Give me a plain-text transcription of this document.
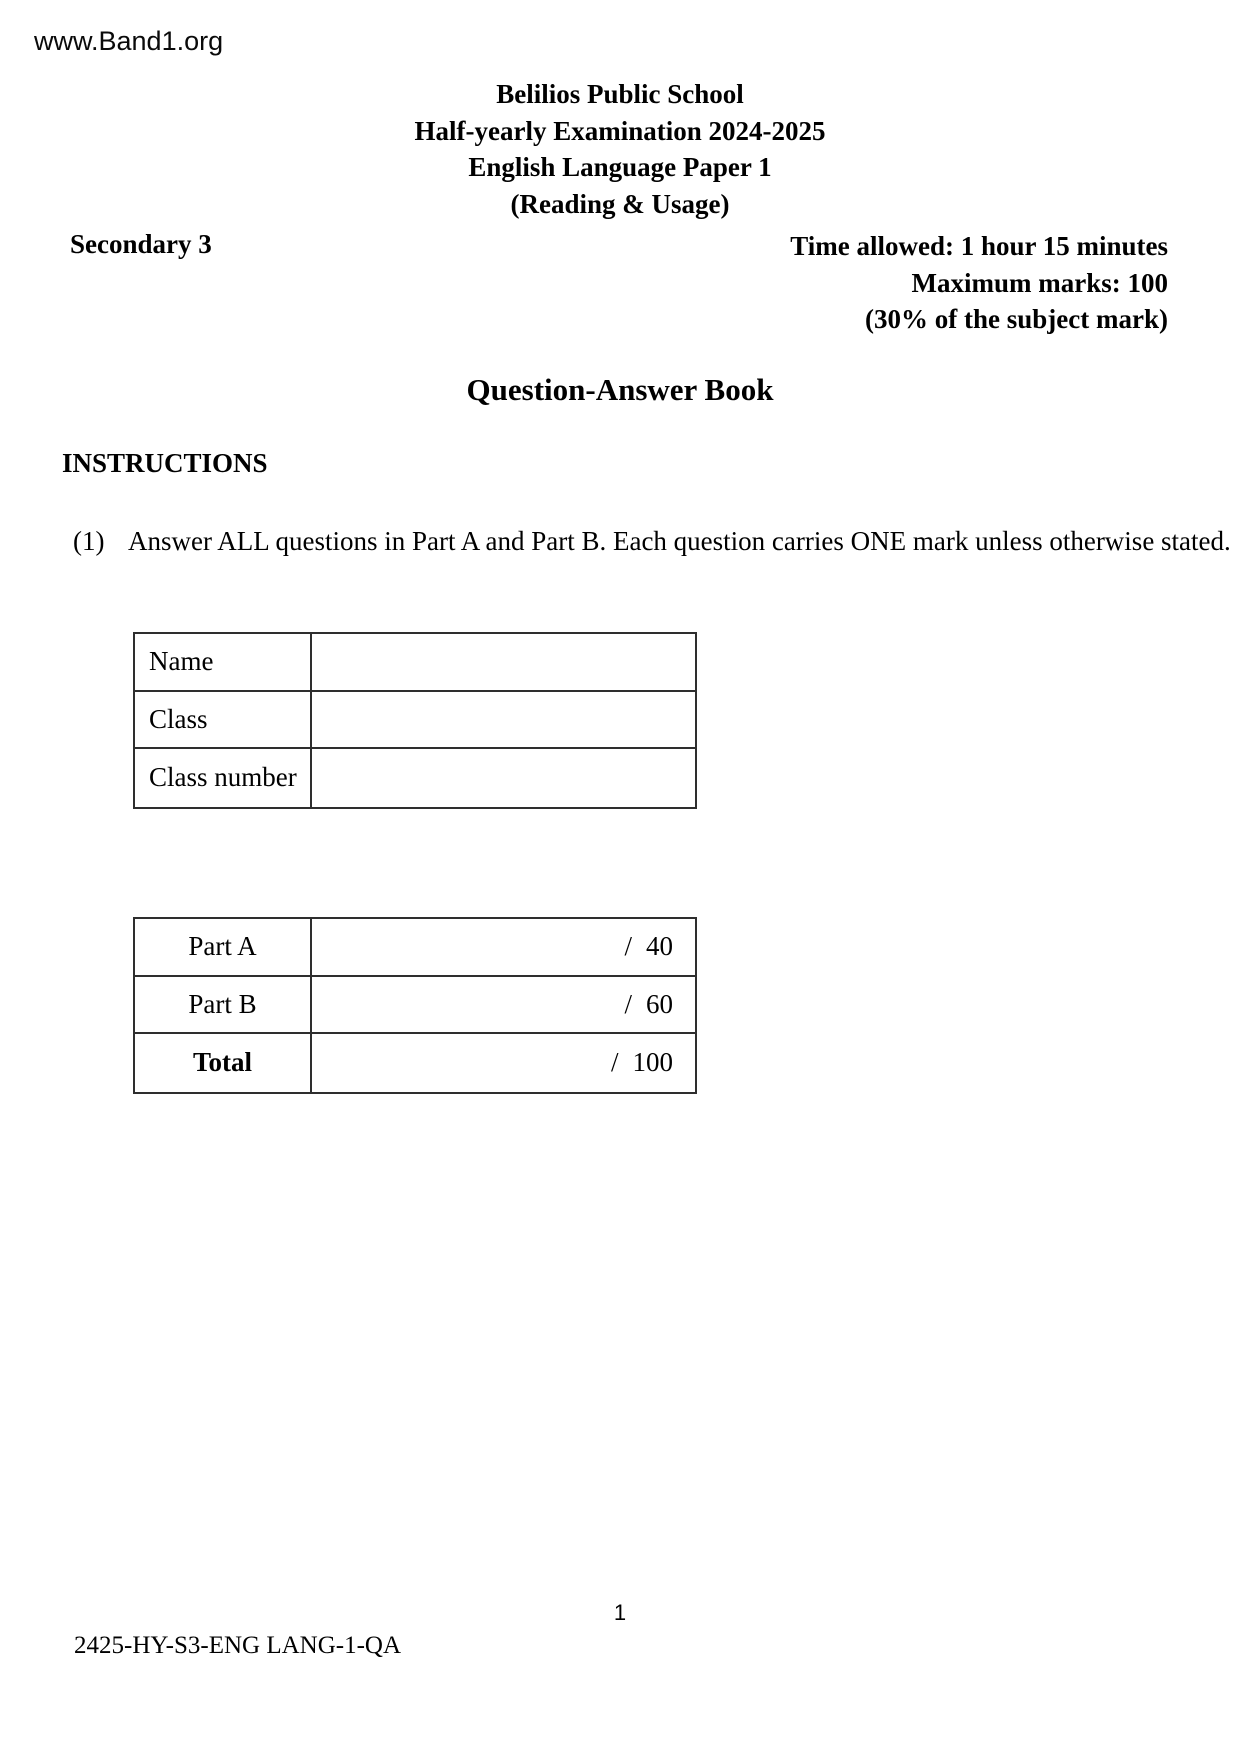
www.Band1.org
Belilios Public School
Half-yearly Examination 2024-2025
English Language Paper 1
(Reading & Usage)
Secondary 3	Time allowed: 1 hour 15 minutes
Maximum marks: 100
(30% of the subject mark)
Question-Answer Book
INSTRUCTIONS
(1) Answer ALL questions in Part A and Part B. Each question carries ONE mark unless otherwise stated.
Name
Class
Class number
Part A	/ 40
Part B	/ 60
Total	/ 100
1
2425-HY-S3-ENG LANG-1-QA
